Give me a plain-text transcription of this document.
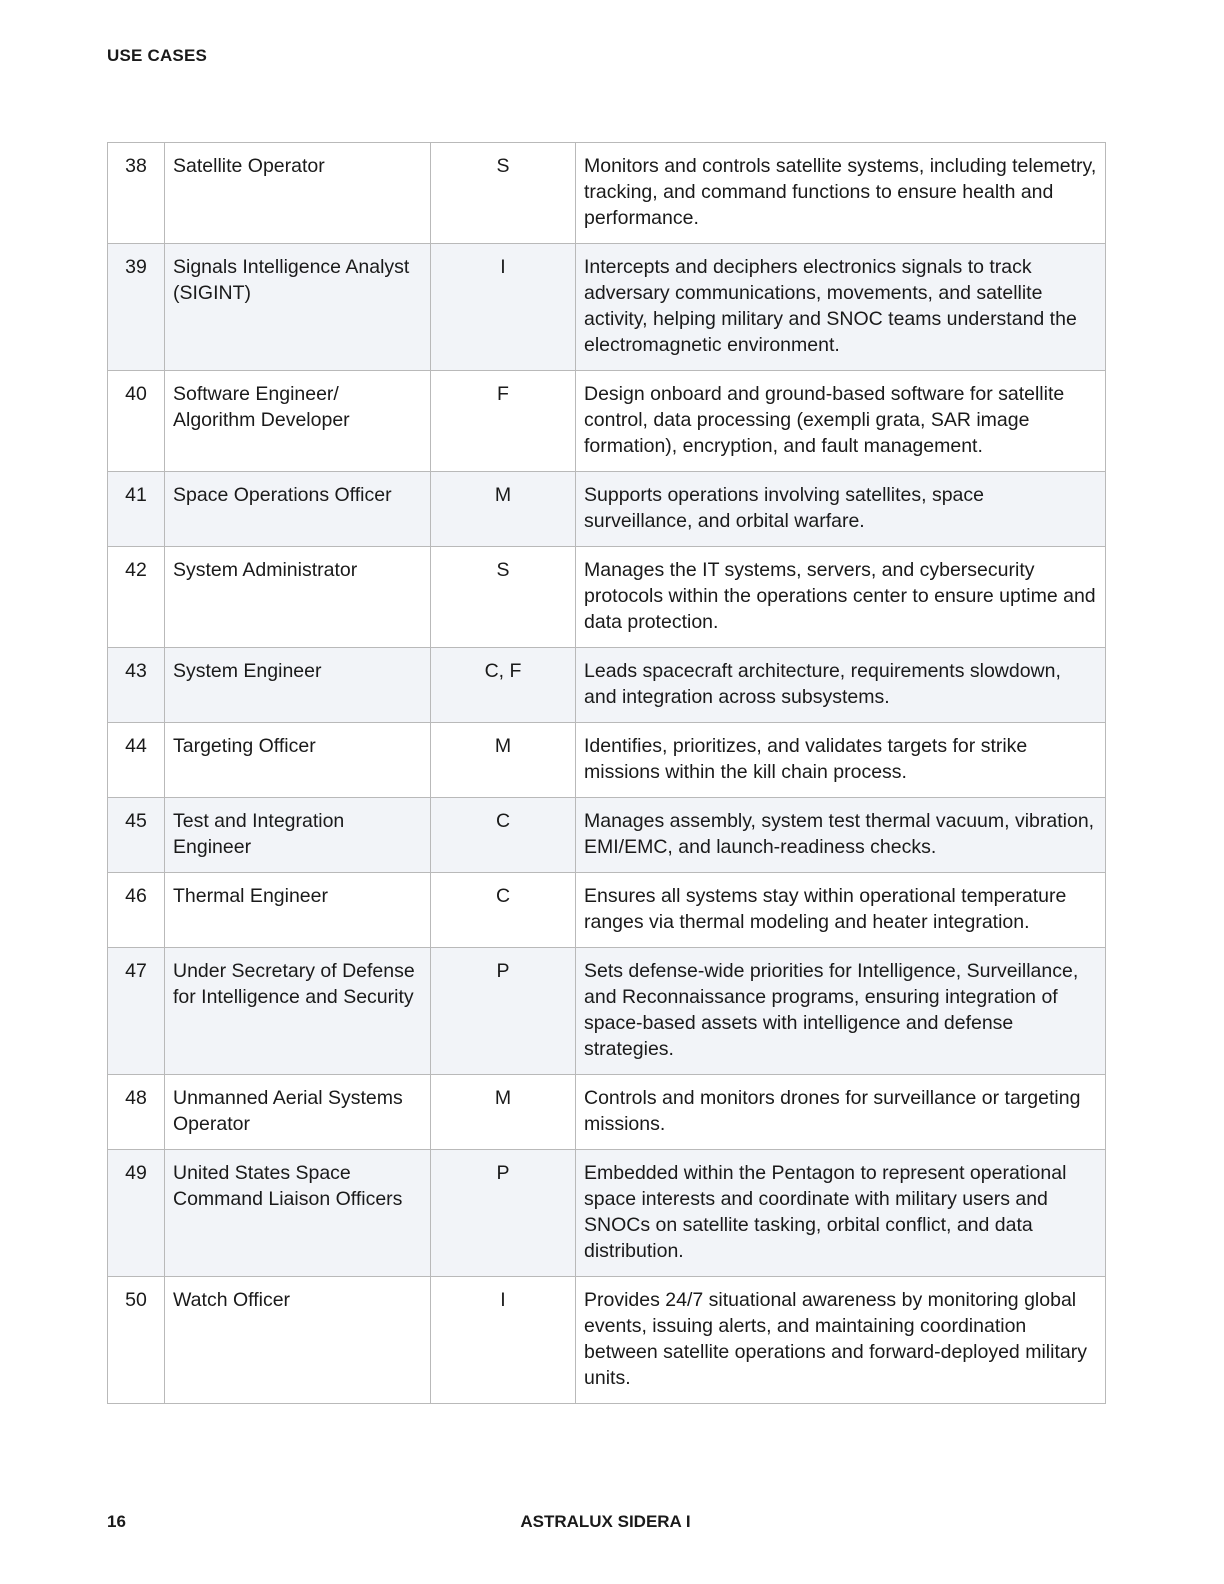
USE CASES
38	Satellite Operator	S	Monitors and controls satellite systems, including telemetry, tracking, and command functions to ensure health and performance.
39	Signals Intelligence Analyst (SIGINT)	I	Intercepts and deciphers electronics signals to track adversary communications, movements, and satellite activity, helping military and SNOC teams understand the electromagnetic environment.
40	Software Engineer/ Algorithm Developer	F	Design onboard and ground-based software for satellite control, data processing (exempli grata, SAR image formation), encryption, and fault management.
41	Space Operations Officer	M	Supports operations involving satellites, space surveillance, and orbital warfare.
42	System Administrator	S	Manages the IT systems, servers, and cybersecurity protocols within the operations center to ensure uptime and data protection.
43	System Engineer	C, F	Leads spacecraft architecture, requirements slowdown, and integration across subsystems.
44	Targeting Officer	M	Identifies, prioritizes, and validates targets for strike missions within the kill chain process.
45	Test and Integration Engineer	C	Manages assembly, system test thermal vacuum, vibration, EMI/EMC, and launch-readiness checks.
46	Thermal Engineer	C	Ensures all systems stay within operational temperature ranges via thermal modeling and heater integration.
47	Under Secretary of Defense for Intelligence and Security	P	Sets defense-wide priorities for Intelligence, Surveillance, and Reconnaissance programs, ensuring integration of space-based assets with intelligence and defense strategies.
48	Unmanned Aerial Systems Operator	M	Controls and monitors drones for surveillance or targeting missions.
49	United States Space Command Liaison Officers	P	Embedded within the Pentagon to represent operational space interests and coordinate with military users and SNOCs on satellite tasking, orbital conflict, and data distribution.
50	Watch Officer	I	Provides 24/7 situational awareness by monitoring global events, issuing alerts, and maintaining coordination between satellite operations and forward-deployed military units.
16	ASTRALUX SIDERA I
